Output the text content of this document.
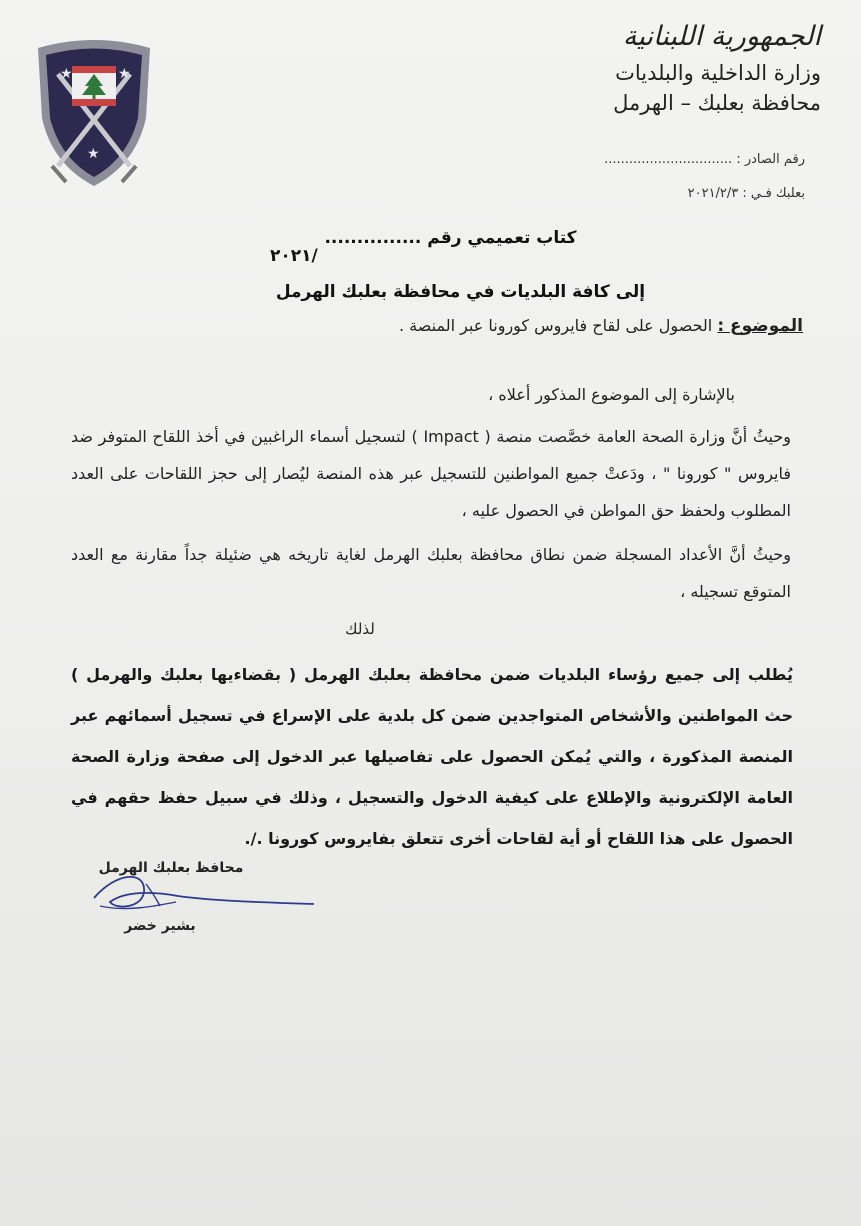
★	★
★
الجمهورية اللبنانية
وزارة الداخلية والبلديات
محافظة بعلبك – الهرمل
رقم الصادر : ...............................
بعلبك فـي : ٢٠٢١/٢/٣
كتاب تعميمي رقم ...............
/٢٠٢١
إلى كافة البلديات في محافظة بعلبك الهرمل
الموضوع : الحصول على لقاح فايروس كورونا عبر المنصة .
بالإشارة إلى الموضوع المذكور أعلاه ،
وحيثُ أنَّ وزارة الصحة العامة خصَّصت منصة ( Impact ) لتسجيل أسماء الراغبين في أخذ اللقاح المتوفر ضد فايروس " كورونا " ، ودَعتْ جميع المواطنين للتسجيل عبر هذه المنصة ليُصار إلى حجز اللقاحات على العدد المطلوب ولحفظ حق المواطن في الحصول عليه ،
وحيثُ أنَّ الأعداد المسجلة ضمن نطاق محافظة بعلبك الهرمل لغاية تاريخه هي ضئيلة جداً مقارنة مع العدد المتوقع تسجيله ،
لذلك
يُطلب إلى جميع رؤساء البلديات ضمن محافظة بعلبك الهرمل ( بقضاءيها بعلبك والهرمل ) حث المواطنين والأشخاص المتواجدين ضمن كل بلدية على الإسراع في تسجيل أسمائهم عبر المنصة المذكورة ، والتي يُمكن الحصول على تفاصيلها عبر الدخول إلى صفحة وزارة الصحة العامة الإلكترونية والإطلاع على كيفية الدخول والتسجيل ، وذلك في سبيل حفظ حقهم في الحصول على هذا اللقاح أو أية لقاحات أخرى تتعلق بفايروس كورونا ./.
محافظ بعلبك الهرمل
بشير خضر
